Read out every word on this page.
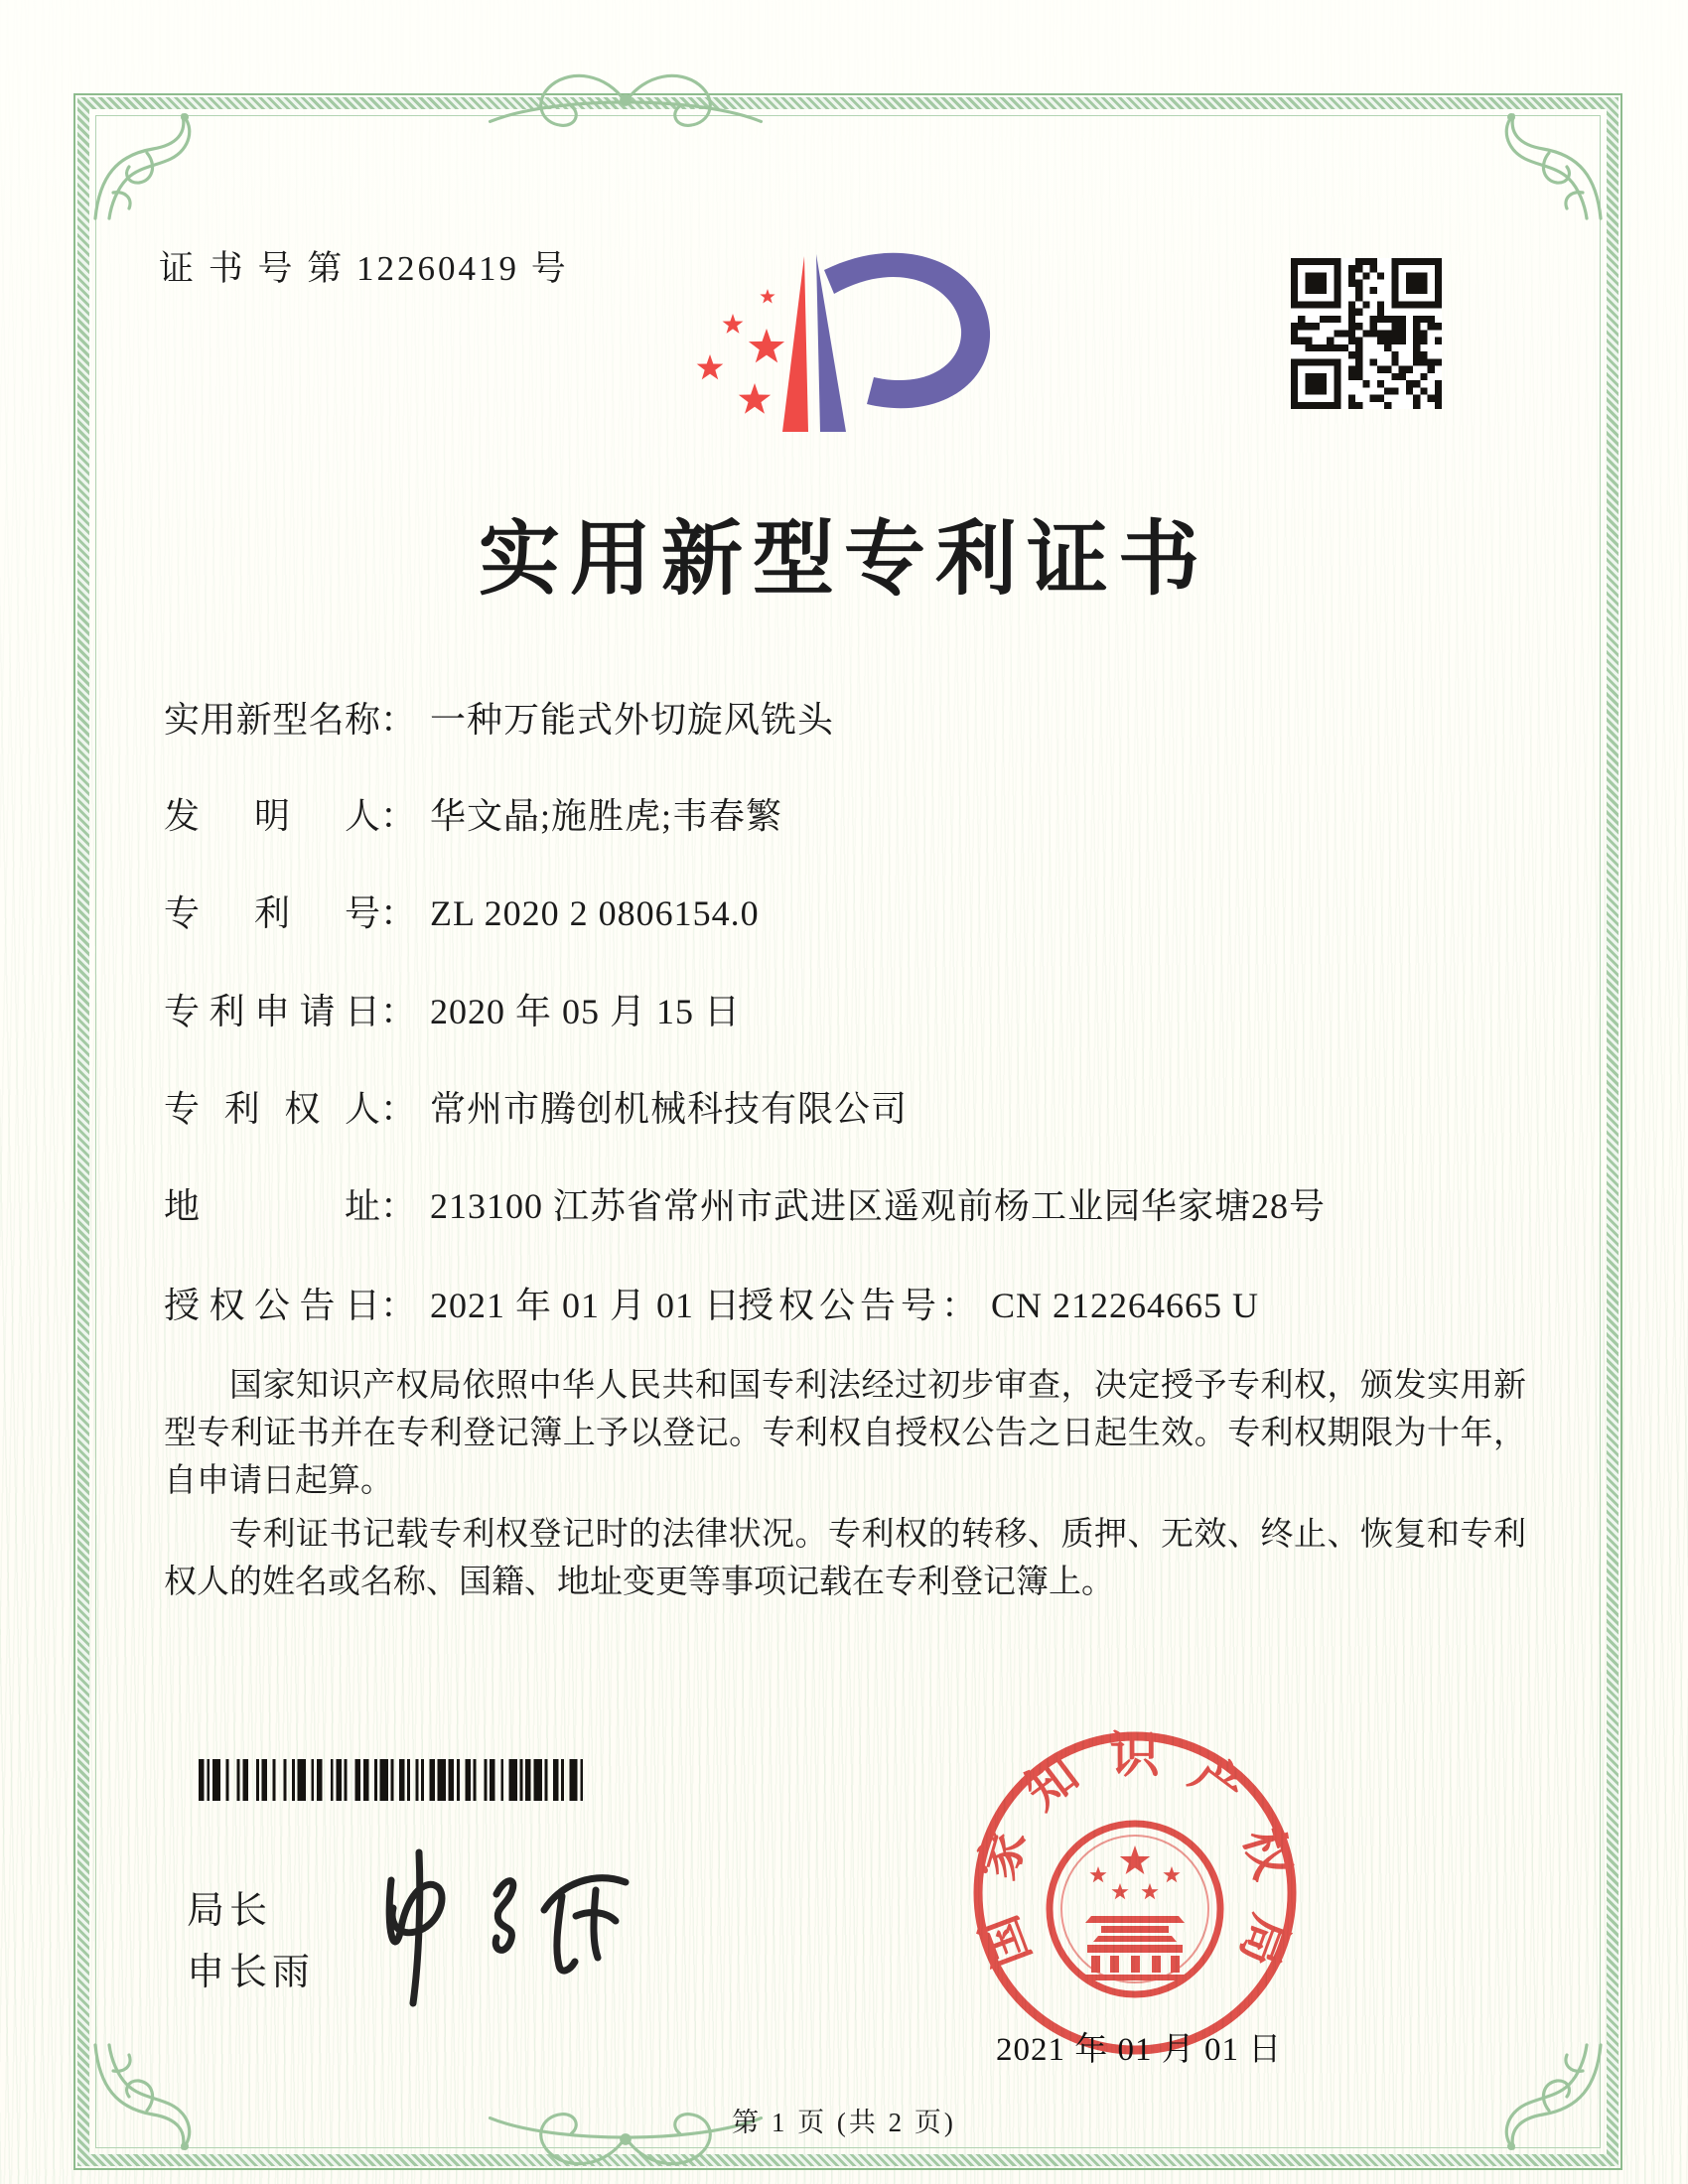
证 书 号 第 12260419 号
实用新型专利证书
实用新型名称： 一种万能式外切旋风铣头
发明人： 华文晶;施胜虎;韦春繁
专利号： ZL 2020 2 0806154.0
专利申请日： 2020 年 05 月 15 日
专利权人： 常州市腾创机械科技有限公司
地址： 213100 江苏省常州市武进区遥观前杨工业园华家塘28号
授权公告日： 2021 年 01 月 01 日
授权公告号： CN 212264665 U

国家知识产权局依照中华人民共和国专利法经过初步审查，决定授予专利权，颁发实用新型专利证书并在专利登记簿上予以登记。专利权自授权公告之日起生效。专利权期限为十年，自申请日起算。

专利证书记载专利权登记时的法律状况。专利权的转移、质押、无效、终止、恢复和专利权人的姓名或名称、国籍、地址变更等事项记载在专利登记簿上。

局长
申长雨	国家知识产权局
2021 年 01 月 01 日
第 1 页 (共 2 页)
